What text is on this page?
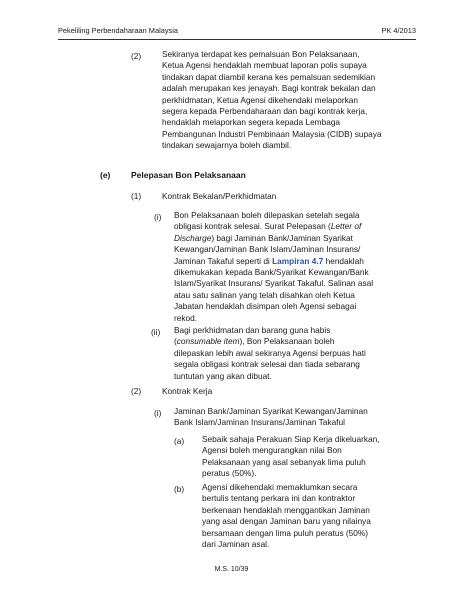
Pekeliling Perbendaharaan Malaysia	PK 4/2013
(2)	Sekiranya terdapat kes pemalsuan Bon Pelaksanaan,
Ketua Agensi hendaklah membuat laporan polis supaya
tindakan dapat diambil kerana kes pemalsuan sedemikian
adalah merupakan kes jenayah. Bagi kontrak bekalan dan
perkhidmatan, Ketua Agensi dikehendaki melaporkan
segera kepada Perbendaharaan dan bagi kontrak kerja,
hendaklah melaporkan segera kepada Lembaga
Pembangunan Industri Pembinaan Malaysia (CIDB) supaya
tindakan sewajarnya boleh diambil.
(e) Pelepasan Bon Pelaksanaan
(1)	Kontrak Bekalan/Perkhidmatan
(i) Bon Pelaksanaan boleh dilepaskan setelah segala
obligasi kontrak selesai. Surat Pelepasan (Letter of
Discharge) bagi Jaminan Bank/Jaminan Syarikat
Kewangan/Jaminan Bank Islam/Jaminan Insurans/
Jaminan Takaful seperti di Lampiran 4.7 hendaklah
dikemukakan kepada Bank/Syarikat Kewangan/Bank
Islam/Syarikat Insurans/ Syarikat Takaful. Salinan asal
atau satu salinan yang telah disahkan oleh Ketua
Jabatan hendaklah disimpan oleh Agensi sebagai
rekod.
(ii) Bagi perkhidmatan dan barang guna habis
(consumable item), Bon Pelaksanaan boleh
dilepaskan lebih awal sekiranya Agensi berpuas hati
segala obligasi kontrak selesai dan tiada sebarang
tuntutan yang akan dibuat.
(2)	Kontrak Kerja
(i) Jaminan Bank/Jaminan Syarikat Kewangan/Jaminan
Bank Islam/Jaminan Insurans/Jaminan Takaful
(a) Sebaik sahaja Perakuan Siap Kerja dikeluarkan,
Agensi boleh mengurangkan nilai Bon
Pelaksanaan yang asal sebanyak lima puluh
peratus (50%).
(b) Agensi dikehendaki memaklumkan secara
bertulis tentang perkara ini dan kontraktor
berkenaan hendaklah menggantikan Jaminan
yang asal dengan Jaminan baru yang nilainya
bersamaan dengan lima puluh peratus (50%)
dari Jaminan asal.
M.S. 10/39
